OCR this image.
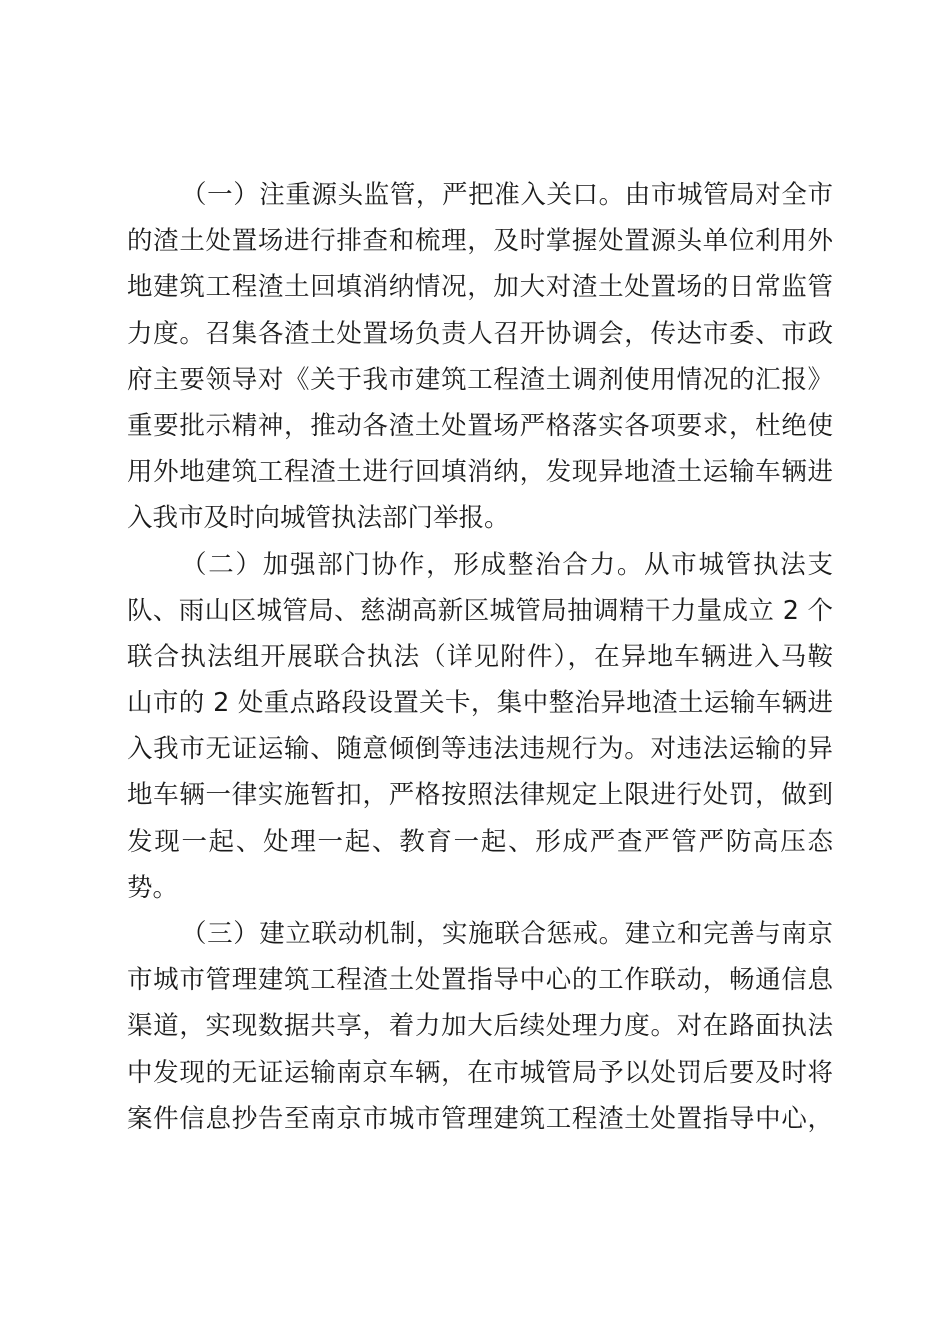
（一）注重源头监管，严把准入关口。由市城管局对全市
的渣土处置场进行排查和梳理，及时掌握处置源头单位利用外
地建筑工程渣土回填消纳情况，加大对渣土处置场的日常监管
力度。召集各渣土处置场负责人召开协调会，传达市委、市政
府主要领导对《关于我市建筑工程渣土调剂使用情况的汇报》
重要批示精神，推动各渣土处置场严格落实各项要求，杜绝使
用外地建筑工程渣土进行回填消纳，发现异地渣土运输车辆进
入我市及时向城管执法部门举报。
（二）加强部门协作，形成整治合力。从市城管执法支
队、雨山区城管局、慈湖高新区城管局抽调精干力量成立 2 个
联合执法组开展联合执法（详见附件），在异地车辆进入马鞍
山市的 2 处重点路段设置关卡，集中整治异地渣土运输车辆进
入我市无证运输、随意倾倒等违法违规行为。对违法运输的异
地车辆一律实施暂扣，严格按照法律规定上限进行处罚，做到
发现一起、处理一起、教育一起、形成严查严管严防高压态
势。
（三）建立联动机制，实施联合惩戒。建立和完善与南京
市城市管理建筑工程渣土处置指导中心的工作联动，畅通信息
渠道，实现数据共享，着力加大后续处理力度。对在路面执法
中发现的无证运输南京车辆，在市城管局予以处罚后要及时将
案件信息抄告至南京市城市管理建筑工程渣土处置指导中心，
